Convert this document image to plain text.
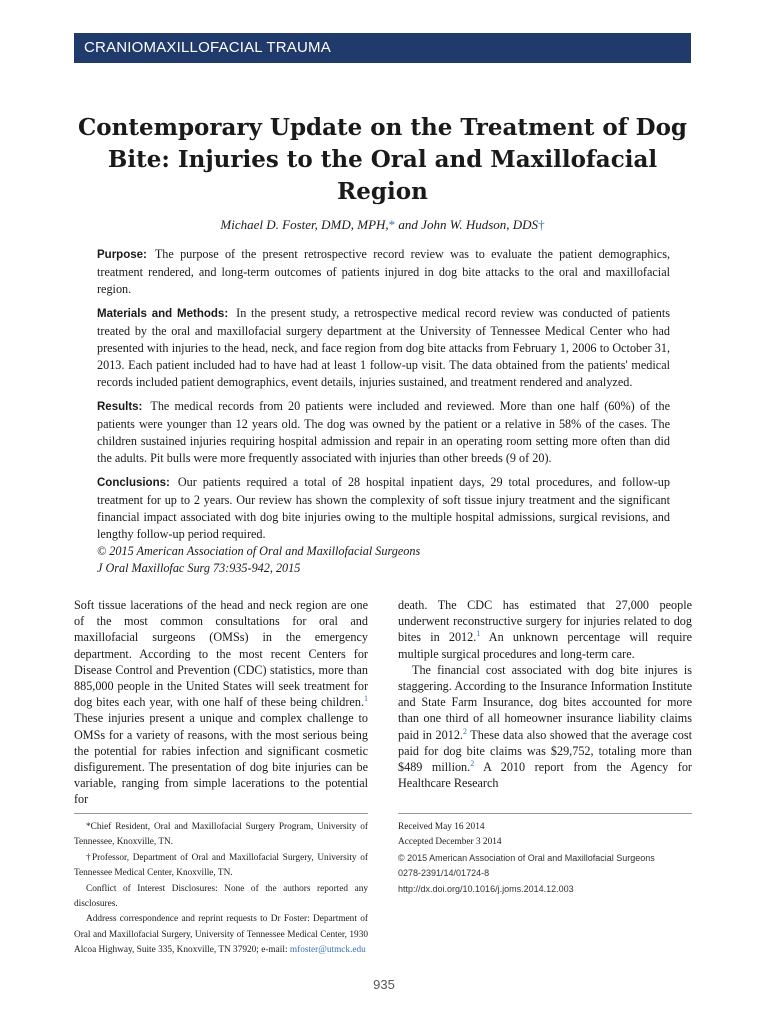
CRANIOMAXILLOFACIAL TRAUMA
Contemporary Update on the Treatment of Dog Bite: Injuries to the Oral and Maxillofacial Region
Michael D. Foster, DMD, MPH,* and John W. Hudson, DDS†

Purpose: The purpose of the present retrospective record review was to evaluate the patient demographics, treatment rendered, and long-term outcomes of patients injured in dog bite attacks to the oral and maxillofacial region.

Materials and Methods: In the present study, a retrospective medical record review was conducted of patients treated by the oral and maxillofacial surgery department at the University of Tennessee Medical Center who had presented with injuries to the head, neck, and face region from dog bite attacks from February 1, 2006 to October 31, 2013. Each patient included had to have had at least 1 follow-up visit. The data obtained from the patients' medical records included patient demographics, event details, injuries sustained, and treatment rendered and analyzed.

Results: The medical records from 20 patients were included and reviewed. More than one half (60%) of the patients were younger than 12 years old. The dog was owned by the patient or a relative in 58% of the cases. The children sustained injuries requiring hospital admission and repair in an operating room setting more often than did the adults. Pit bulls were more frequently associated with injuries than other breeds (9 of 20).

Conclusions: Our patients required a total of 28 hospital inpatient days, 29 total procedures, and follow-up treatment for up to 2 years. Our review has shown the complexity of soft tissue injury treatment and the significant financial impact associated with dog bite injuries owing to the multiple hospital admissions, surgical revisions, and lengthy follow-up period required.

© 2015 American Association of Oral and Maxillofacial Surgeons

J Oral Maxillofac Surg 73:935-942, 2015

Soft tissue lacerations of the head and neck region are one of the most common consultations for oral and maxillofacial surgeons (OMSs) in the emergency department. According to the most recent Centers for Disease Control and Prevention (CDC) statistics, more than 885,000 people in the United States will seek treatment for dog bites each year, with one half of these being children.$^1$ These injuries present a unique and complex challenge to OMSs for a variety of reasons, with the most serious being the potential for rabies infection and significant cosmetic disfigurement. The presentation of dog bite injuries can be variable, ranging from simple lacerations to the potential for

death. The CDC has estimated that 27,000 people underwent reconstructive surgery for injuries related to dog bites in 2012.$^1$ An unknown percentage will require multiple surgical procedures and long-term care.

The financial cost associated with dog bite injures is staggering. According to the Insurance Information Institute and State Farm Insurance, dog bites accounted for more than one third of all homeowner insurance liability claims paid in 2012.$^2$ These data also showed that the average cost paid for dog bite claims was $29,752, totaling more than $489 million.$^2$ A 2010 report from the Agency for Healthcare Research

*Chief Resident, Oral and Maxillofacial Surgery Program, University of Tennessee, Knoxville, TN.

†Professor, Department of Oral and Maxillofacial Surgery, University of Tennessee Medical Center, Knoxville, TN.

Conflict of Interest Disclosures: None of the authors reported any disclosures.

Address correspondence and reprint requests to Dr Foster: Department of Oral and Maxillofacial Surgery, University of Tennessee Medical Center, 1930 Alcoa Highway, Suite 335, Knoxville, TN 37920; e-mail: mfoster@utmck.edu

Received May 16 2014

Accepted December 3 2014

© 2015 American Association of Oral and Maxillofacial Surgeons

0278-2391/14/01724-8

http://dx.doi.org/10.1016/j.joms.2014.12.003

935
